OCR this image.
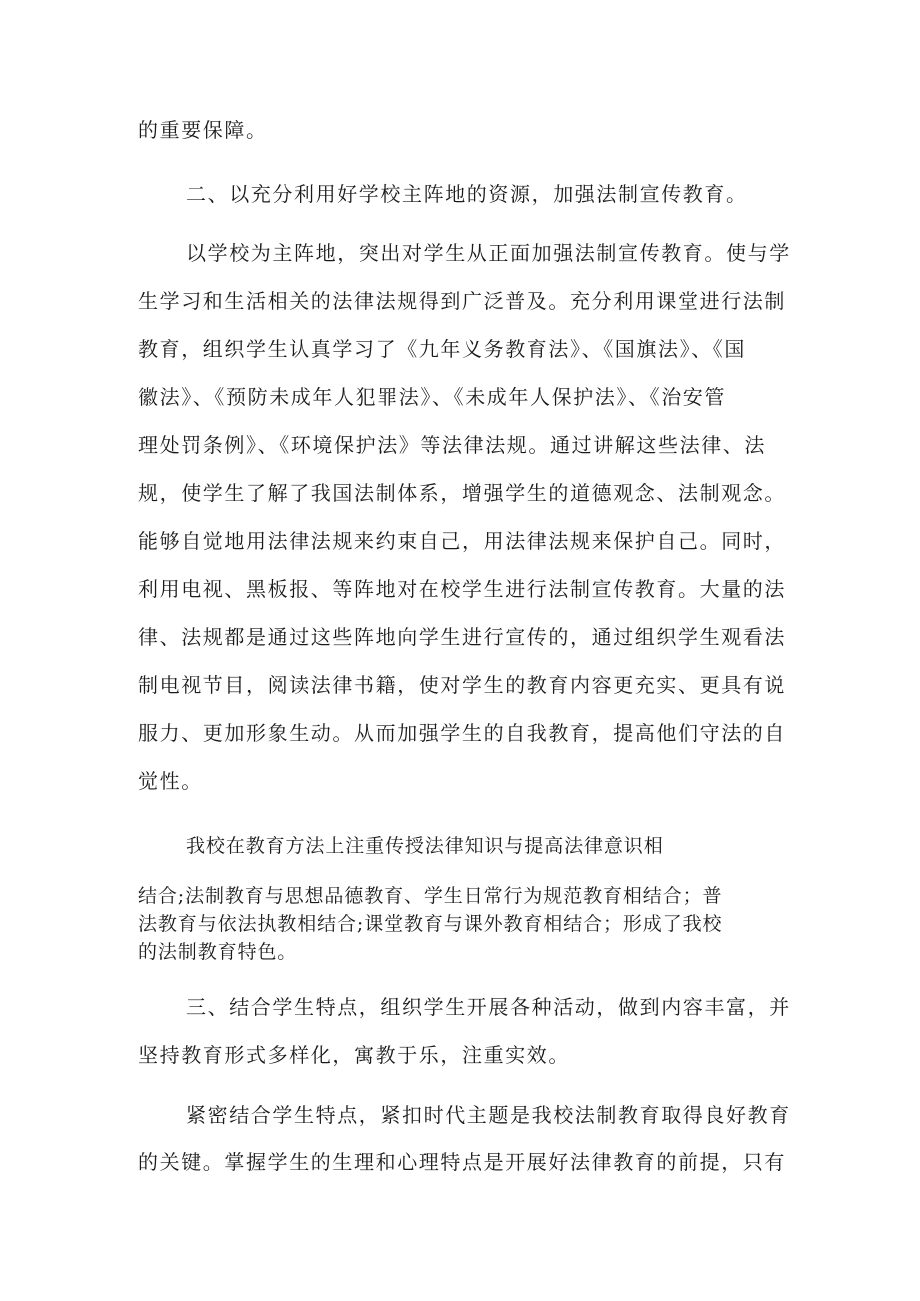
的重要保障。
二、以充分利用好学校主阵地的资源，加强法制宣传教育。
以学校为主阵地，突出对学生从正面加强法制宣传教育。使与学
生学习和生活相关的法律法规得到广泛普及。充分利用课堂进行法制
教育，组织学生认真学习了《九年义务教育法》、《国旗法》、《国
徽法》、《预防未成年人犯罪法》、《未成年人保护法》、《治安管
理处罚条例》、《环境保护法》等法律法规。通过讲解这些法律、法
规，使学生了解了我国法制体系，增强学生的道德观念、法制观念。
能够自觉地用法律法规来约束自己，用法律法规来保护自己。同时，
利用电视、黑板报、等阵地对在校学生进行法制宣传教育。大量的法
律、法规都是通过这些阵地向学生进行宣传的，通过组织学生观看法
制电视节目，阅读法律书籍，使对学生的教育内容更充实、更具有说
服力、更加形象生动。从而加强学生的自我教育，提高他们守法的自
觉性。
我校在教育方法上注重传授法律知识与提高法律意识相
结合;法制教育与思想品德教育、学生日常行为规范教育相结合；普
法教育与依法执教相结合;课堂教育与课外教育相结合；形成了我校
的法制教育特色。
三、结合学生特点，组织学生开展各种活动，做到内容丰富，并
坚持教育形式多样化，寓教于乐，注重实效。
紧密结合学生特点，紧扣时代主题是我校法制教育取得良好教育
的关键。掌握学生的生理和心理特点是开展好法律教育的前提，只有
